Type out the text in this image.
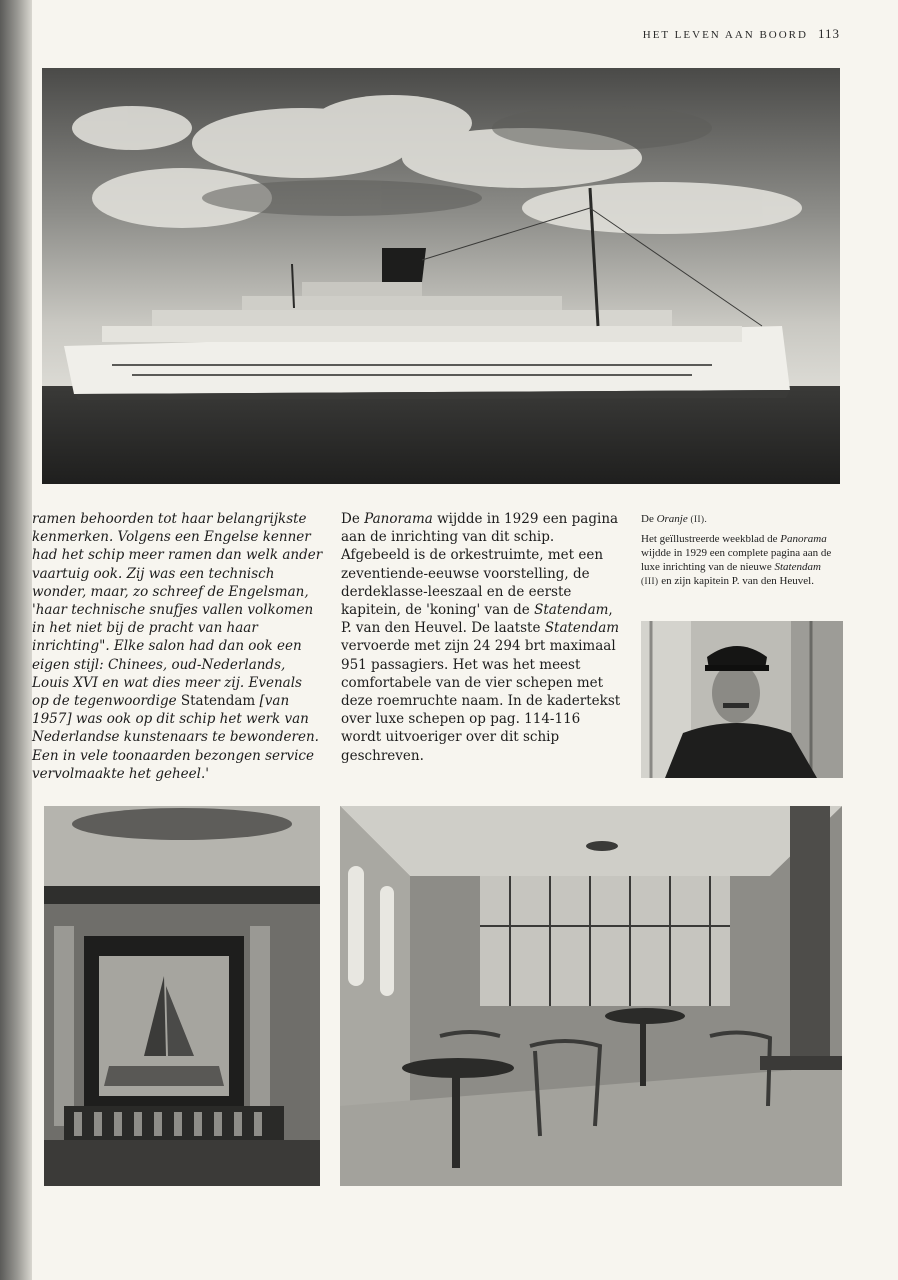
HET LEVEN AAN BOORD 113
ramen behoorden tot haar belangrijkste
kenmerken. Volgens een Engelse kenner
had het schip meer ramen dan welk ander
vaartuig ook. Zij was een technisch
wonder, maar, zo schreef de Engelsman,
'haar technische snufjes vallen volkomen
in het niet bij de pracht van haar
inrichting". Elke salon had dan ook een
eigen stijl: Chinees, oud-Nederlands,
Louis XVI en wat dies meer zij. Evenals
op de tegenwoordige Statendam [van
1957] was ook op dit schip het werk van
Nederlandse kunstenaars te bewonderen.
Een in vele toonaarden bezongen service
vervolmaakte het geheel.'
De Panorama wijdde in 1929 een pagina aan de inrichting van dit schip. Afgebeeld is de orkestruimte, met een zeventiende-eeuwse voorstelling, de derdeklasse-leeszaal en de eerste kapitein, de 'koning' van de Statendam, P. van den Heuvel. De laatste Statendam vervoerde met zijn 24 294 brt maximaal 951 passagiers. Het was het meest comfortabele van de vier schepen met deze roemruchte naam. In de kadertekst over luxe schepen op pag. 114-116 wordt uitvoeriger over dit schip geschreven.

De Oranje (II).

Het geïllustreerde weekblad de Panorama wijdde in 1929 een complete pagina aan de luxe inrichting van de nieuwe Statendam (III) en zijn kapitein P. van den Heuvel.
